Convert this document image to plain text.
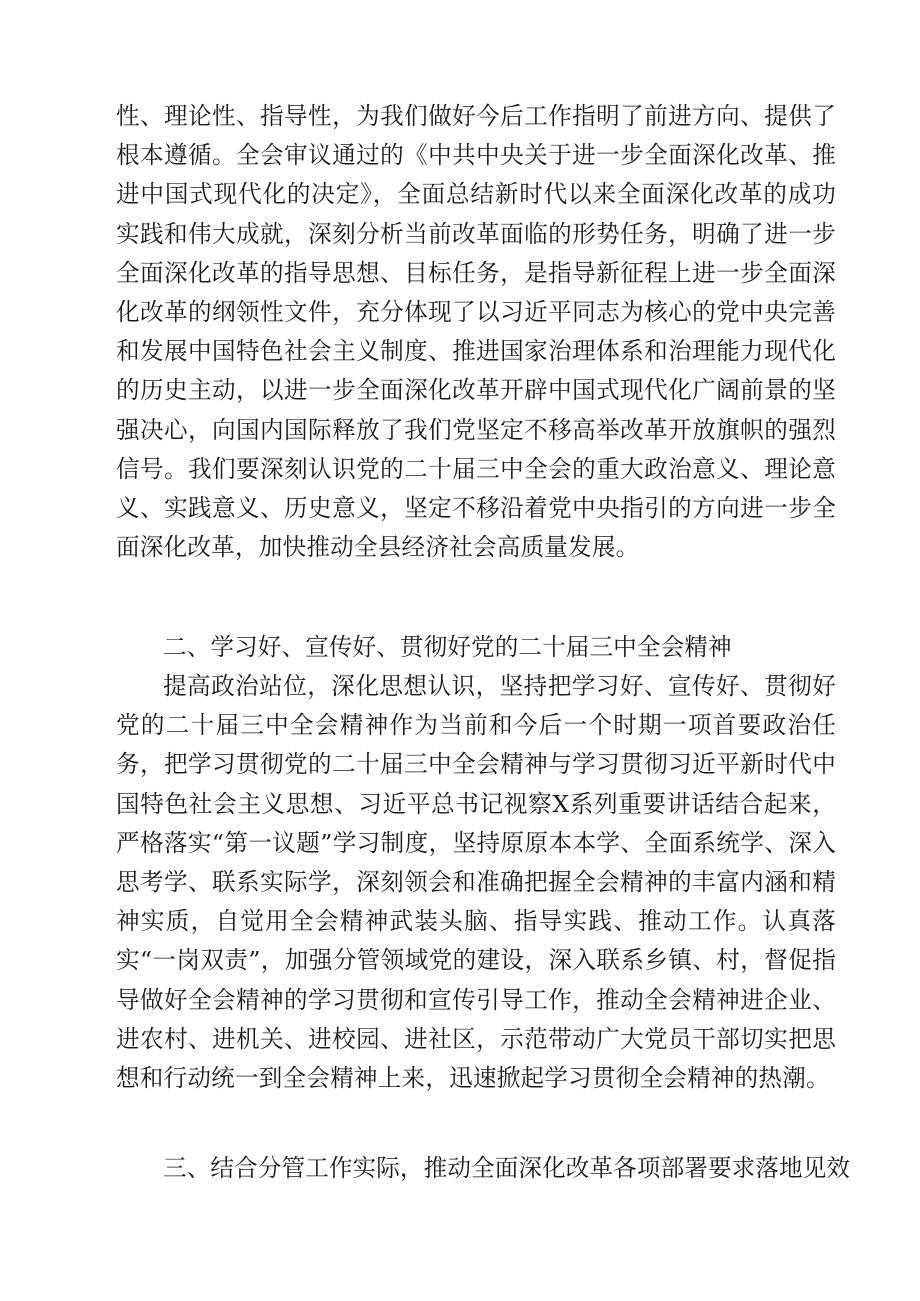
性、理论性、指导性，为我们做好今后工作指明了前进方向、提供了根本遵循。全会审议通过的《中共中央关于进一步全面深化改革、推进中国式现代化的决定》，全面总结新时代以来全面深化改革的成功实践和伟大成就，深刻分析当前改革面临的形势任务，明确了进一步全面深化改革的指导思想、目标任务，是指导新征程上进一步全面深化改革的纲领性文件，充分体现了以习近平同志为核心的党中央完善和发展中国特色社会主义制度、推进国家治理体系和治理能力现代化的历史主动，以进一步全面深化改革开辟中国式现代化广阔前景的坚强决心，向国内国际释放了我们党坚定不移高举改革开放旗帜的强烈信号。我们要深刻认识党的二十届三中全会的重大政治意义、理论意义、实践意义、历史意义，坚定不移沿着党中央指引的方向进一步全面深化改革，加快推动全县经济社会高质量发展。

二、学习好、宣传好、贯彻好党的二十届三中全会精神

提高政治站位，深化思想认识，坚持把学习好、宣传好、贯彻好党的二十届三中全会精神作为当前和今后一个时期一项首要政治任务，把学习贯彻党的二十届三中全会精神与学习贯彻习近平新时代中国特色社会主义思想、习近平总书记视察X系列重要讲话结合起来，严格落实“第一议题”学习制度，坚持原原本本学、全面系统学、深入思考学、联系实际学，深刻领会和准确把握全会精神的丰富内涵和精神实质，自觉用全会精神武装头脑、指导实践、推动工作。认真落实“一岗双责”，加强分管领域党的建设，深入联系乡镇、村，督促指导做好全会精神的学习贯彻和宣传引导工作，推动全会精神进企业、进农村、进机关、进校园、进社区，示范带动广大党员干部切实把思想和行动统一到全会精神上来，迅速掀起学习贯彻全会精神的热潮。

三、结合分管工作实际，推动全面深化改革各项部署要求落地见效
